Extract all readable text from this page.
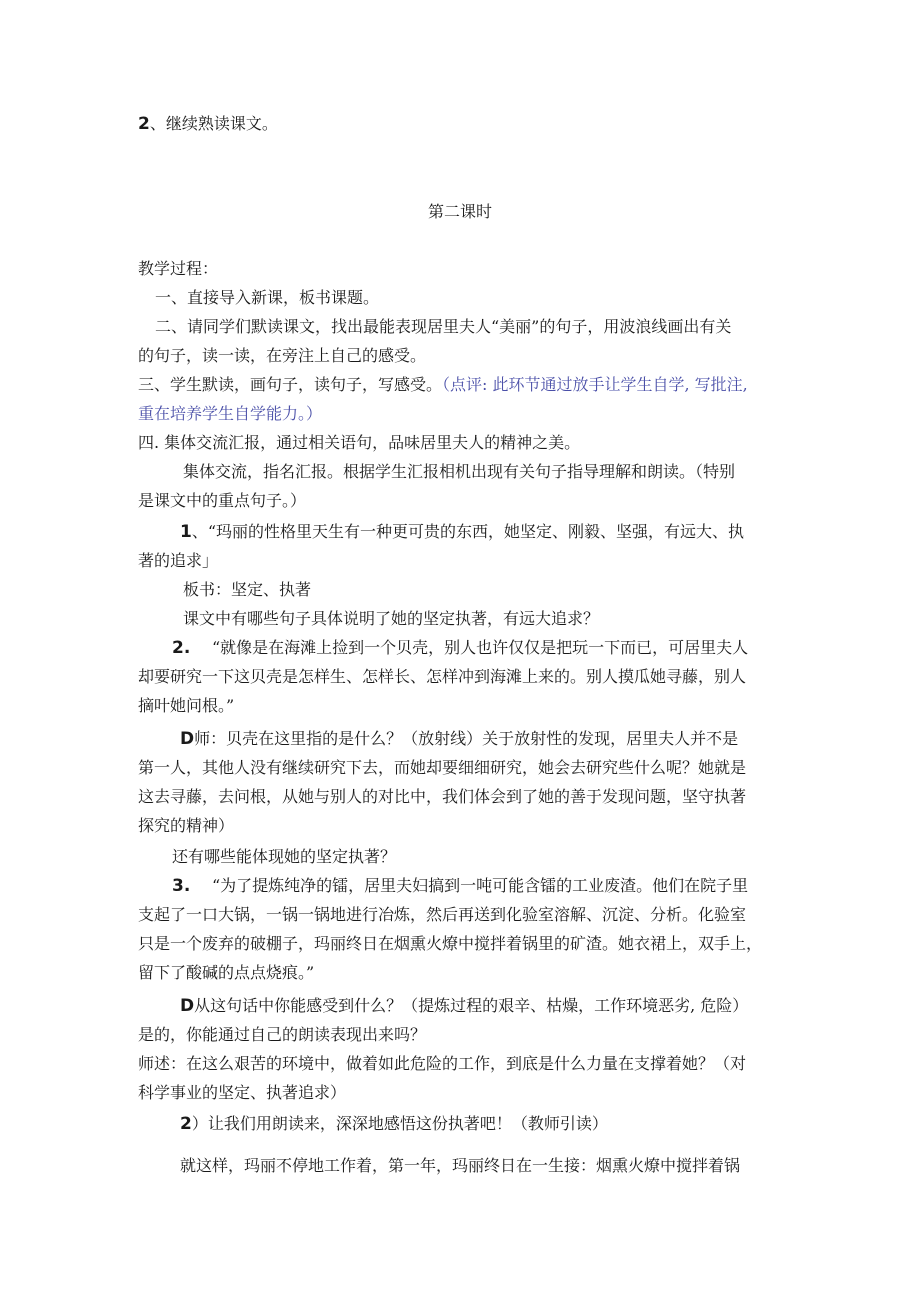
2、继续熟读课文。
第二课时
教学过程：
一、直接导入新课，板书课题。
二、请同学们默读课文，找出最能表现居里夫人“美丽”的句子，用波浪线画出有关
的句子，读一读，在旁注上自己的感受。
三、学生默读，画句子，读句子，写感受。（点评: 此环节通过放手让学生自学, 写批注,
重在培养学生自学能力。）
四. 集体交流汇报，通过相关语句，品味居里夫人的精神之美。
集体交流，指名汇报。根据学生汇报相机出现有关句子指导理解和朗读。（特别
是课文中的重点句子。）
1、“玛丽的性格里天生有一种更可贵的东西，她坚定、刚毅、坚强，有远大、执
著的追求」
板书：坚定、执著
课文中有哪些句子具体说明了她的坚定执著，有远大追求？
2. “就像是在海滩上捡到一个贝壳，别人也许仅仅是把玩一下而已，可居里夫人
却要研究一下这贝壳是怎样生、怎样长、怎样冲到海滩上来的。别人摸瓜她寻藤，别人
摘叶她问根。”
D师：贝壳在这里指的是什么？（放射线）关于放射性的发现，居里夫人并不是
第一人，其他人没有继续研究下去，而她却要细细研究，她会去研究些什么呢？她就是
这去寻藤，去问根，从她与别人的对比中，我们体会到了她的善于发现问题，坚守执著
探究的精神）
还有哪些能体现她的坚定执著？
3. “为了提炼纯净的镭，居里夫妇搞到一吨可能含镭的工业废渣。他们在院子里
支起了一口大锅，一锅一锅地进行冶炼，然后再送到化验室溶解、沉淀、分析。化验室
只是一个废弃的破棚子，玛丽终日在烟熏火燎中搅拌着锅里的矿渣。她衣裙上，双手上，
留下了酸碱的点点烧痕。”
D从这句话中你能感受到什么？（提炼过程的艰辛、枯燥，工作环境恶劣, 危险）
是的，你能通过自己的朗读表现出来吗？
师述：在这么艰苦的环境中，做着如此危险的工作，到底是什么力量在支撑着她？（对
科学事业的坚定、执著追求）
2）让我们用朗读来，深深地感悟这份执著吧！（教师引读）
就这样，玛丽不停地工作着，第一年，玛丽终日在一生接：烟熏火燎中搅拌着锅
